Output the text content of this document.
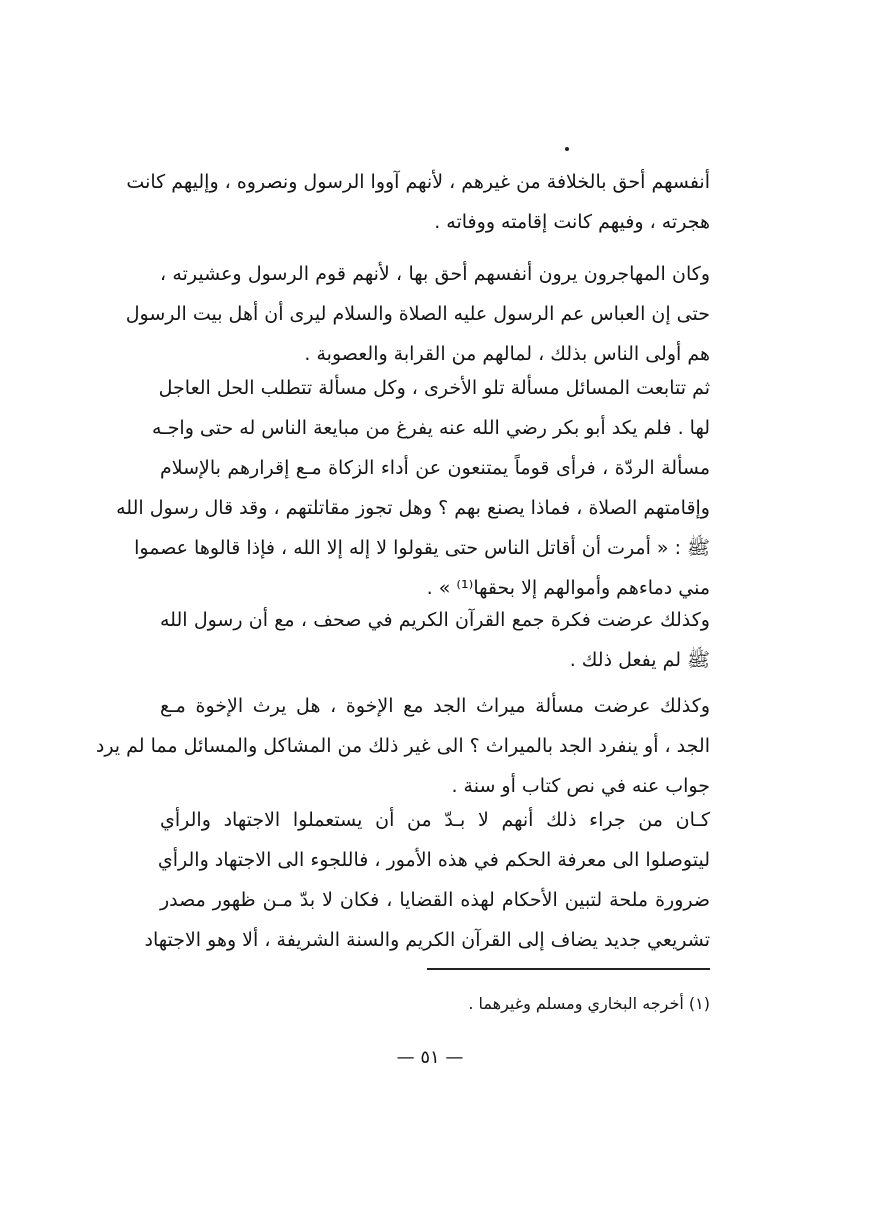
أنفسهم أحق بالخلافة من غيرهم ، لأنهم آووا الرسول ونصروه ، وإليهم كانت
هجرته ، وفيهم كانت إقامته ووفاته .
وكان المهاجرون يرون أنفسهم أحق بها ، لأنهم قوم الرسول وعشيرته ،
حتى إن العباس عم الرسول عليه الصلاة والسلام ليرى أن أهل بيت الرسول
هم أولى الناس بذلك ، لمالهم من القرابة والعصوبة .
ثم تتابعت المسائل مسألة تلو الأخرى ، وكل مسألة تتطلب الحل العاجل
لها . فلم يكد أبو بكر رضي الله عنه يفرغ من مبايعة الناس له حتى واجـه
مسألة الردّة ، فرأى قوماً يمتنعون عن أداء الزكاة مـع إقرارهم بالإسلام
وإقامتهم الصلاة ، فماذا يصنع بهم ؟ وهل تجوز مقاتلتهم ، وقد قال رسول الله
ﷺ : « أمرت أن أقاتل الناس حتى يقولوا لا إله إلا الله ، فإذا قالوها عصموا
مني دماءهم وأموالهم إلا بحقها⁽¹⁾ » .
وكذلك عرضت فكرة جمع القرآن الكريم في صحف ، مع أن رسول الله
ﷺ لم يفعل ذلك .
وكذلك عرضت مسألة ميراث الجد مع الإخوة ، هل يرث الإخوة مـع
الجد ، أو ينفرد الجد بالميراث ؟ الى غير ذلك من المشاكل والمسائل مما لم يرد
جواب عنه في نص كتاب أو سنة .
كـان من جراء ذلك أنهم لا بـدّ من أن يستعملوا الاجتهاد والرأي
ليتوصلوا الى معرفة الحكم في هذه الأمور ، فاللجوء الى الاجتهاد والرأي
ضرورة ملحة لتبين الأحكام لهذه القضايا ، فكان لا بدّ مـن ظهور مصدر
تشريعي جديد يضاف إلى القرآن الكريم والسنة الشريفة ، ألا وهو الاجتهاد
(١) أخرجه البخاري ومسلم وغيرهما .
— ٥١ —
